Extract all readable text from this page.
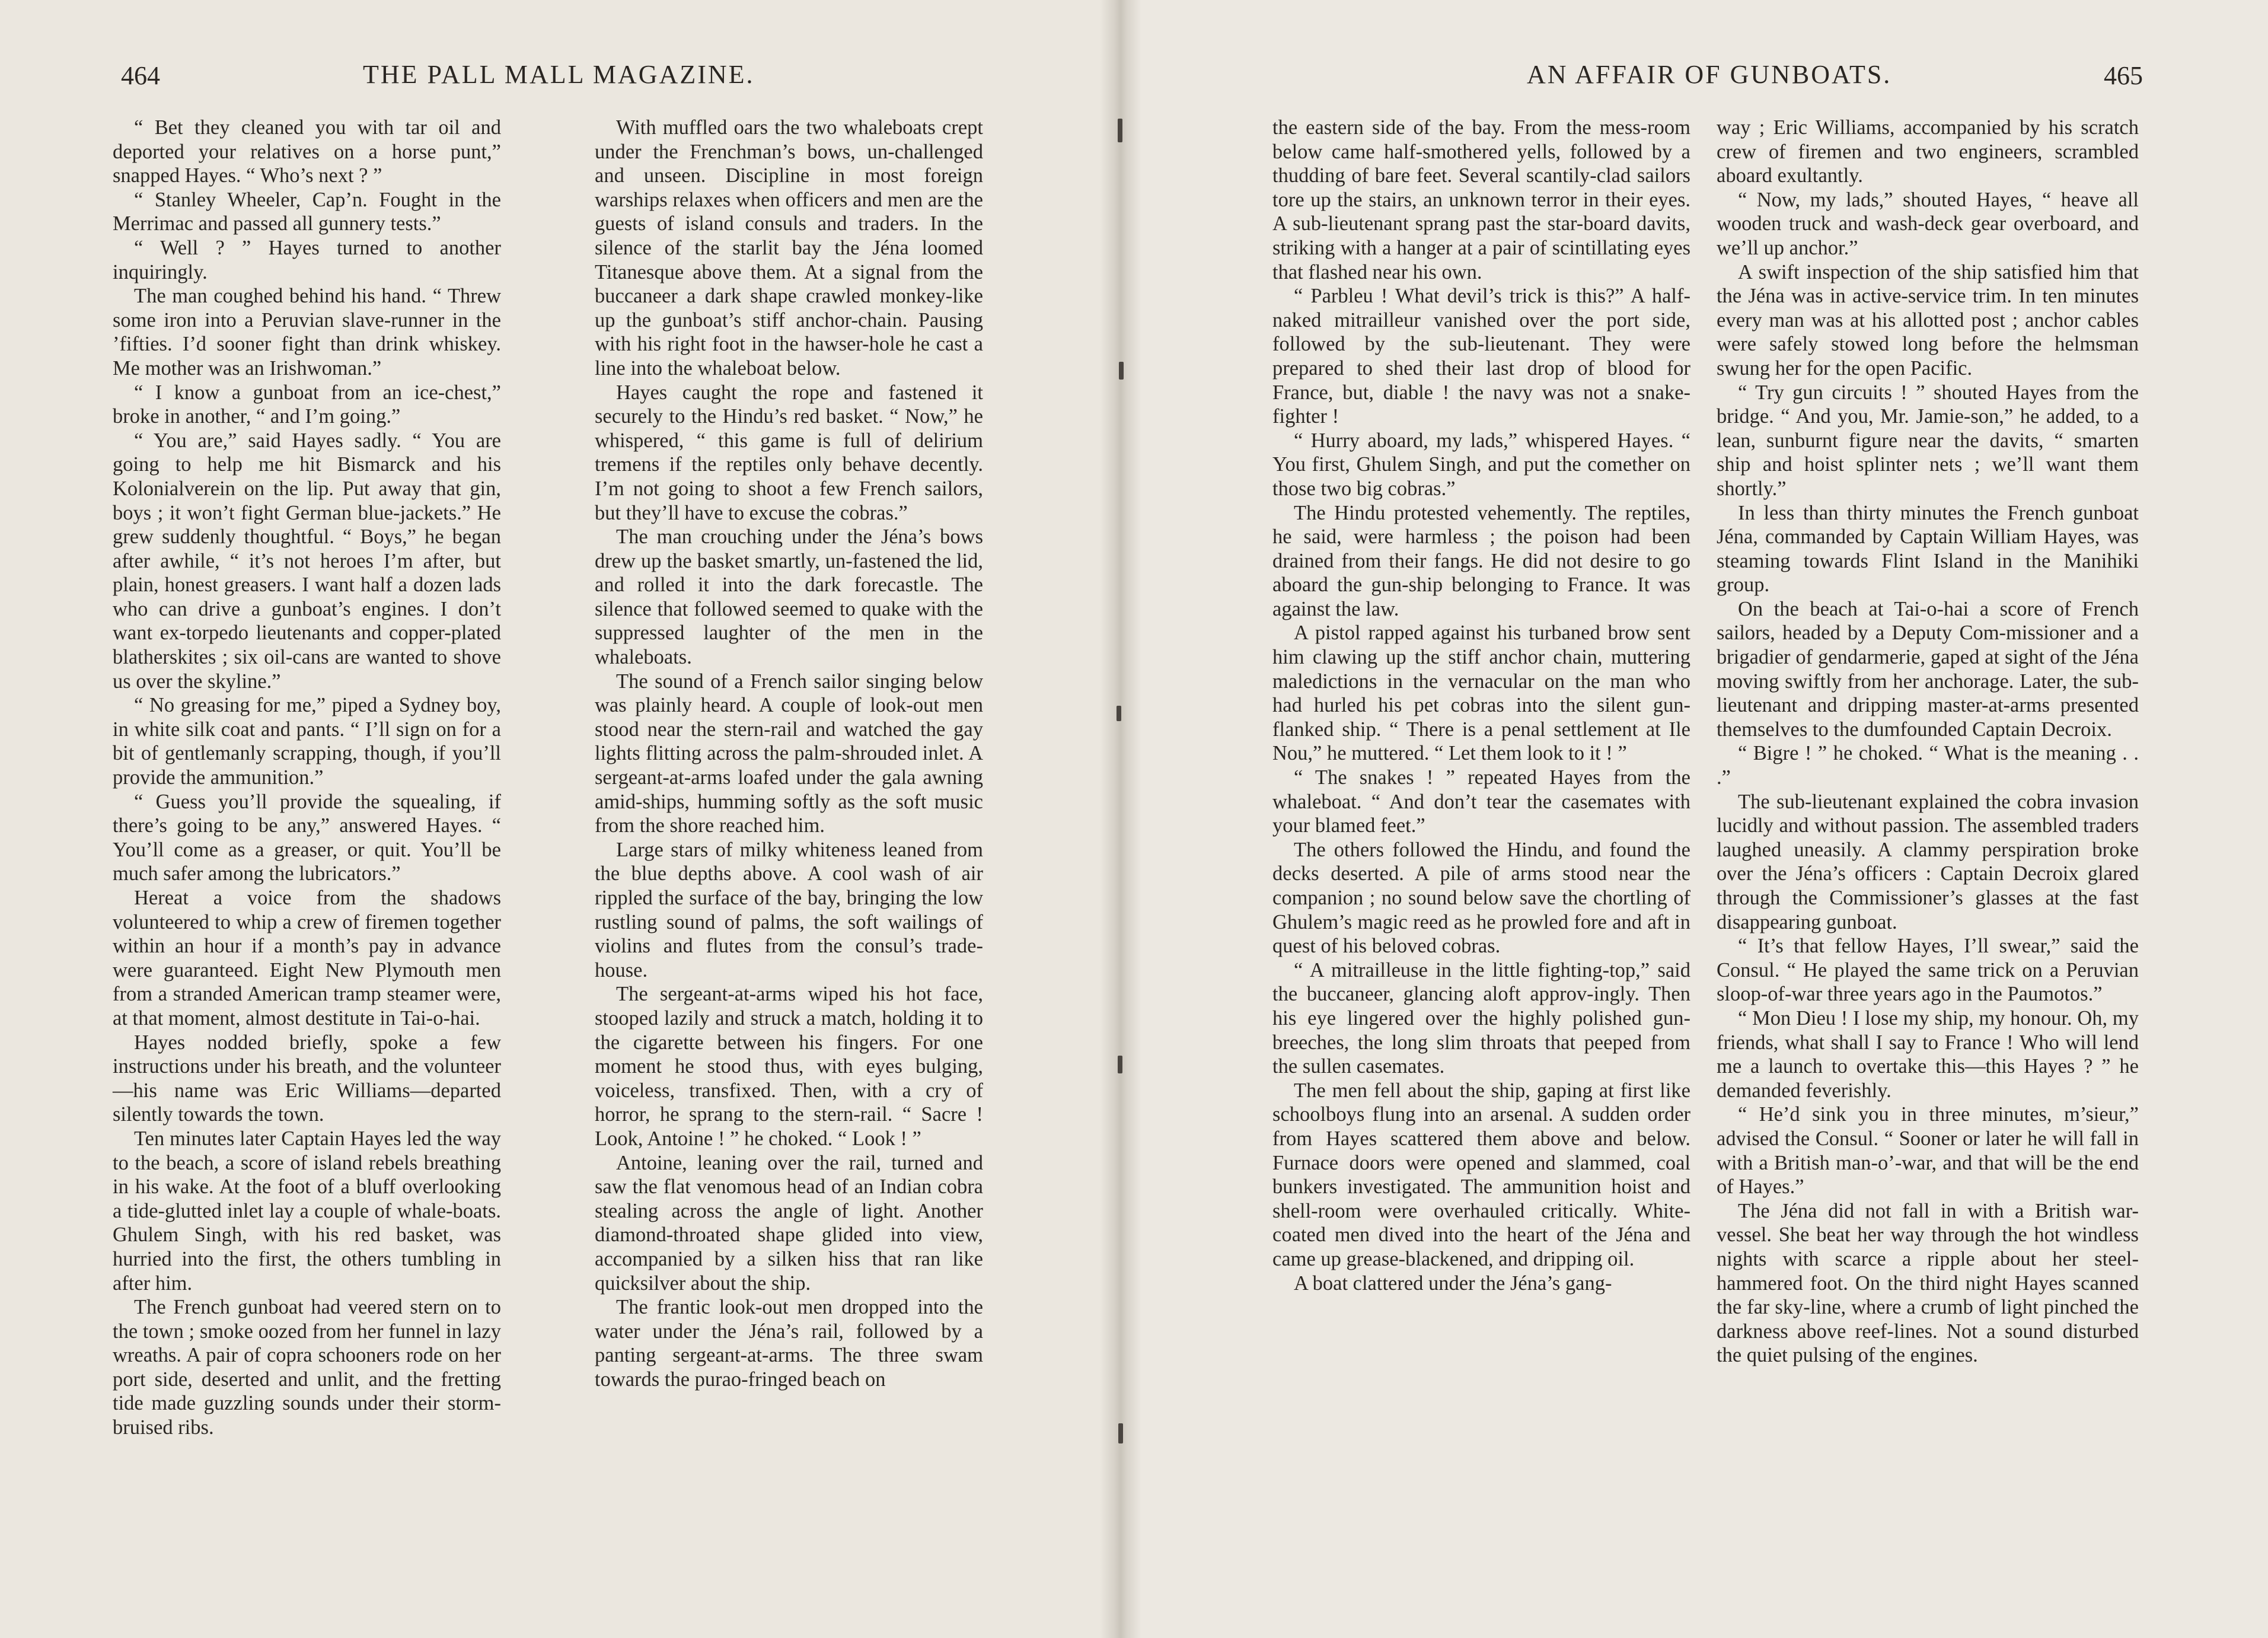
464	THE PALL MALL MAGAZINE.	AN AFFAIR OF GUNBOATS.	465

“ Bet they cleaned you with tar oil and deported your relatives on a horse punt,” snapped Hayes. “ Who’s next ? ”

“ Stanley Wheeler, Cap’n. Fought in the Merrimac and passed all gunnery tests.”

“ Well ? ” Hayes turned to another inquiringly.

The man coughed behind his hand. “ Threw some iron into a Peruvian slave-runner in the ’fifties. I’d sooner fight than drink whiskey. Me mother was an Irishwoman.”

“ I know a gunboat from an ice-chest,” broke in another, “ and I’m going.”

“ You are,” said Hayes sadly. “ You are going to help me hit Bismarck and his Kolonialverein on the lip. Put away that gin, boys ; it won’t fight German blue-jackets.” He grew suddenly thoughtful. “ Boys,” he began after awhile, “ it’s not heroes I’m after, but plain, honest greasers. I want half a dozen lads who can drive a gunboat’s engines. I don’t want ex-torpedo lieutenants and copper-plated blatherskites ; six oil-cans are wanted to shove us over the skyline.”

“ No greasing for me,” piped a Sydney boy, in white silk coat and pants. “ I’ll sign on for a bit of gentlemanly scrapping, though, if you’ll provide the ammunition.”

“ Guess you’ll provide the squealing, if there’s going to be any,” answered Hayes. “ You’ll come as a greaser, or quit. You’ll be much safer among the lubricators.”

Hereat a voice from the shadows volunteered to whip a crew of firemen together within an hour if a month’s pay in advance were guaranteed. Eight New Plymouth men from a stranded American tramp steamer were, at that moment, almost destitute in Tai-o-hai.

Hayes nodded briefly, spoke a few instructions under his breath, and the volunteer—his name was Eric Williams—departed silently towards the town.

Ten minutes later Captain Hayes led the way to the beach, a score of island rebels breathing in his wake. At the foot of a bluff overlooking a tide-glutted inlet lay a couple of whale-boats. Ghulem Singh, with his red basket, was hurried into the first, the others tumbling in after him.

The French gunboat had veered stern on to the town ; smoke oozed from her funnel in lazy wreaths. A pair of copra schooners rode on her port side, deserted and unlit, and the fretting tide made guzzling sounds under their storm-bruised ribs.

With muffled oars the two whaleboats crept under the Frenchman’s bows, un-challenged and unseen. Discipline in most foreign warships relaxes when officers and men are the guests of island consuls and traders. In the silence of the starlit bay the Jéna loomed Titanesque above them. At a signal from the buccaneer a dark shape crawled monkey-like up the gunboat’s stiff anchor-chain. Pausing with his right foot in the hawser-hole he cast a line into the whaleboat below.

Hayes caught the rope and fastened it securely to the Hindu’s red basket. “ Now,” he whispered, “ this game is full of delirium tremens if the reptiles only behave decently. I’m not going to shoot a few French sailors, but they’ll have to excuse the cobras.”

The man crouching under the Jéna’s bows drew up the basket smartly, un-fastened the lid, and rolled it into the dark forecastle. The silence that followed seemed to quake with the suppressed laughter of the men in the whaleboats.

The sound of a French sailor singing below was plainly heard. A couple of look-out men stood near the stern-rail and watched the gay lights flitting across the palm-shrouded inlet. A sergeant-at-arms loafed under the gala awning amid-ships, humming softly as the soft music from the shore reached him.

Large stars of milky whiteness leaned from the blue depths above. A cool wash of air rippled the surface of the bay, bringing the low rustling sound of palms, the soft wailings of violins and flutes from the consul’s trade-house.

The sergeant-at-arms wiped his hot face, stooped lazily and struck a match, holding it to the cigarette between his fingers. For one moment he stood thus, with eyes bulging, voiceless, transfixed. Then, with a cry of horror, he sprang to the stern-rail. “ Sacre ! Look, Antoine ! ” he choked. “ Look ! ”

Antoine, leaning over the rail, turned and saw the flat venomous head of an Indian cobra stealing across the angle of light. Another diamond-throated shape glided into view, accompanied by a silken hiss that ran like quicksilver about the ship.

The frantic look-out men dropped into the water under the Jéna’s rail, followed by a panting sergeant-at-arms. The three swam towards the purao-fringed beach on

the eastern side of the bay. From the mess-room below came half-smothered yells, followed by a thudding of bare feet. Several scantily-clad sailors tore up the stairs, an unknown terror in their eyes. A sub-lieutenant sprang past the star-board davits, striking with a hanger at a pair of scintillating eyes that flashed near his own.

“ Parbleu ! What devil’s trick is this?” A half-naked mitrailleur vanished over the port side, followed by the sub-lieutenant. They were prepared to shed their last drop of blood for France, but, diable ! the navy was not a snake-fighter !

“ Hurry aboard, my lads,” whispered Hayes. “ You first, Ghulem Singh, and put the comether on those two big cobras.”

The Hindu protested vehemently. The reptiles, he said, were harmless ; the poison had been drained from their fangs. He did not desire to go aboard the gun-ship belonging to France. It was against the law.

A pistol rapped against his turbaned brow sent him clawing up the stiff anchor chain, muttering maledictions in the vernacular on the man who had hurled his pet cobras into the silent gun-flanked ship. “ There is a penal settlement at Ile Nou,” he muttered. “ Let them look to it ! ”

“ The snakes ! ” repeated Hayes from the whaleboat. “ And don’t tear the casemates with your blamed feet.”

The others followed the Hindu, and found the decks deserted. A pile of arms stood near the companion ; no sound below save the chortling of Ghulem’s magic reed as he prowled fore and aft in quest of his beloved cobras.

“ A mitrailleuse in the little fighting-top,” said the buccaneer, glancing aloft approv-ingly. Then his eye lingered over the highly polished gun-breeches, the long slim throats that peeped from the sullen casemates.

The men fell about the ship, gaping at first like schoolboys flung into an arsenal. A sudden order from Hayes scattered them above and below. Furnace doors were opened and slammed, coal bunkers investigated. The ammunition hoist and shell-room were overhauled critically. White-coated men dived into the heart of the Jéna and came up grease-blackened, and dripping oil.

A boat clattered under the Jéna’s gang-

way ; Eric Williams, accompanied by his scratch crew of firemen and two engineers, scrambled aboard exultantly.

“ Now, my lads,” shouted Hayes, “ heave all wooden truck and wash-deck gear overboard, and we’ll up anchor.”

A swift inspection of the ship satisfied him that the Jéna was in active-service trim. In ten minutes every man was at his allotted post ; anchor cables were safely stowed long before the helmsman swung her for the open Pacific.

“ Try gun circuits ! ” shouted Hayes from the bridge. “ And you, Mr. Jamie-son,” he added, to a lean, sunburnt figure near the davits, “ smarten ship and hoist splinter nets ; we’ll want them shortly.”

In less than thirty minutes the French gunboat Jéna, commanded by Captain William Hayes, was steaming towards Flint Island in the Manihiki group.

On the beach at Tai-o-hai a score of French sailors, headed by a Deputy Com-missioner and a brigadier of gendarmerie, gaped at sight of the Jéna moving swiftly from her anchorage. Later, the sub-lieutenant and dripping master-at-arms presented themselves to the dumfounded Captain Decroix.

“ Bigre ! ” he choked. “ What is the meaning . . .”

The sub-lieutenant explained the cobra invasion lucidly and without passion. The assembled traders laughed uneasily. A clammy perspiration broke over the Jéna’s officers : Captain Decroix glared through the Commissioner’s glasses at the fast disappearing gunboat.

“ It’s that fellow Hayes, I’ll swear,” said the Consul. “ He played the same trick on a Peruvian sloop-of-war three years ago in the Paumotos.”

“ Mon Dieu ! I lose my ship, my honour. Oh, my friends, what shall I say to France ! Who will lend me a launch to overtake this—this Hayes ? ” he demanded feverishly.

“ He’d sink you in three minutes, m’sieur,” advised the Consul. “ Sooner or later he will fall in with a British man-o’-war, and that will be the end of Hayes.”

The Jéna did not fall in with a British war-vessel. She beat her way through the hot windless nights with scarce a ripple about her steel-hammered foot. On the third night Hayes scanned the far sky-line, where a crumb of light pinched the darkness above reef-lines. Not a sound disturbed the quiet pulsing of the engines.
